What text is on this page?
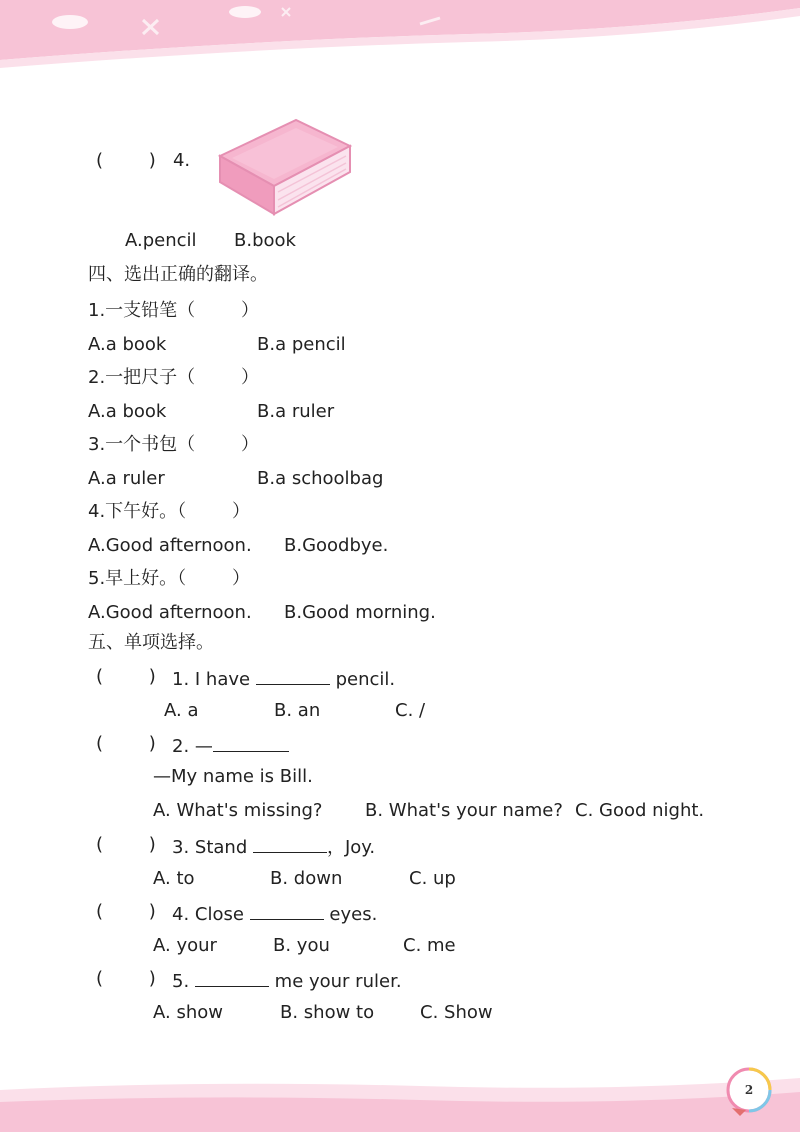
(        )   4.
A.pencil B.book
四、选出正确的翻译。
1.一支铅笔（        ）
A.a book	B.a pencil
2.一把尺子（        ）
A.a book	B.a ruler
3.一个书包（        ）
A.a ruler	B.a schoolbag
4.下午好。（        ）
A.Good afternoon. B.Goodbye.
5.早上好。（        ）
A.Good afternoon. B.Good morning.
五、单项选择。
(        ) 1. I have	pencil.
A. a	B. an	C. /
(        ) 2. —
—My name is Bill.
A. What's missing? B. What's your name? C. Good night.
(        ) 3. Stand	，Joy.
A. to	B. down	C. up
(        ) 4. Close	eyes.
A. your	B. you	C. me
(        ) 5.	me your ruler.
A. show	B. show to	C. Show
2
